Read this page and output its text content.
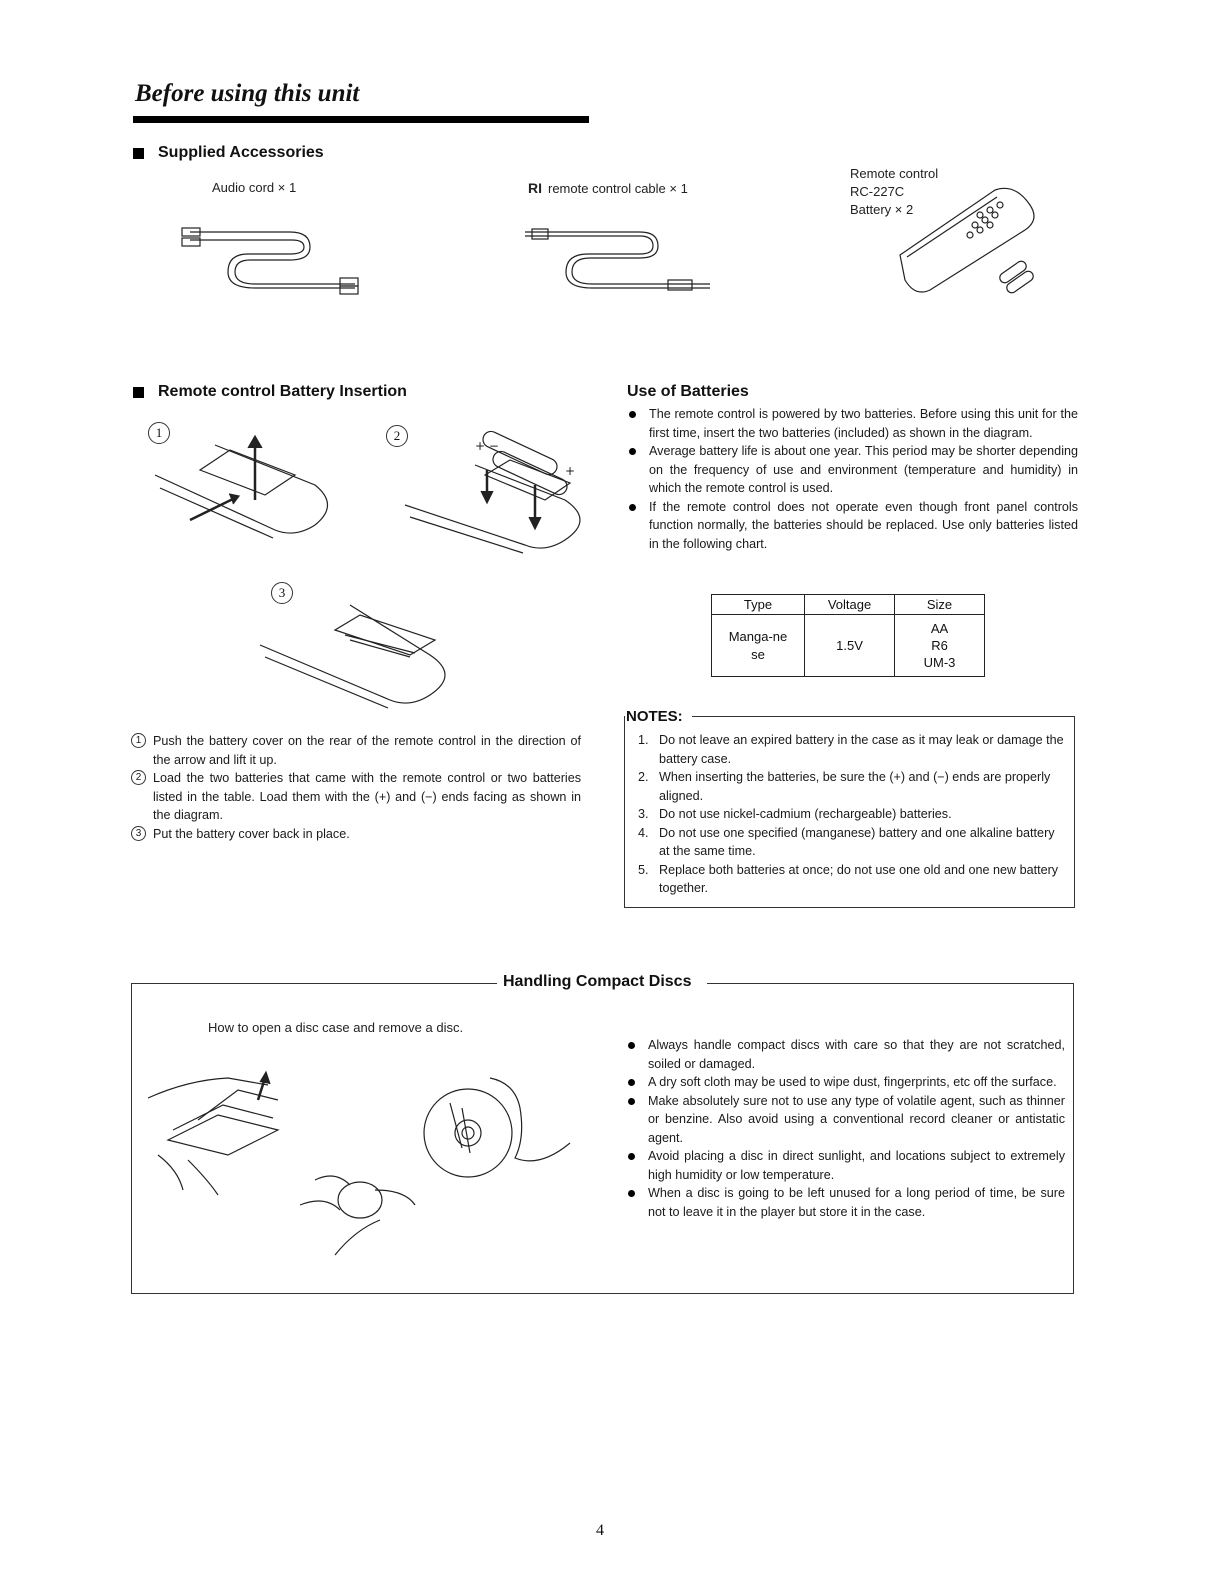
Before using this unit
Supplied Accessories
Audio cord × 1	RI remote control cable × 1
Remote control
RC-227C
Battery × 2
Remote control Battery Insertion
1	2
3
+ −
+
1 Push the battery cover on the rear of the remote control in the direction of the arrow and lift it up.
2 Load the two batteries that came with the remote control or two batteries listed in the table. Load them with the (+) and (−) ends facing as shown in the diagram.
3 Put the battery cover back in place.
Use of Batteries
The remote control is powered by two batteries. Before using this unit for the first time, insert the two batteries (included) as shown in the diagram.
Average battery life is about one year. This period may be shorter depending on the frequency of use and environment (temperature and humidity) in which the remote control is used.
If the remote control does not operate even though front panel controls function normally, the batteries should be replaced. Use only batteries listed in the following chart.
Type	Voltage	Size
Manga-nese	1.5V	AA
R6
UM-3
NOTES:
1. Do not leave an expired battery in the case as it may leak or damage the battery case.
2. When inserting the batteries, be sure the (+) and (−) ends are properly aligned.
3. Do not use nickel-cadmium (rechargeable) batteries.
4. Do not use one specified (manganese) battery and one alkaline battery at the same time.
5. Replace both batteries at once; do not use one old and one new battery together.
Handling Compact Discs
How to open a disc case and remove a disc.
Always handle compact discs with care so that they are not scratched, soiled or damaged.
A dry soft cloth may be used to wipe dust, fingerprints, etc off the surface.
Make absolutely sure not to use any type of volatile agent, such as thinner or benzine. Also avoid using a conventional record cleaner or antistatic agent.
Avoid placing a disc in direct sunlight, and locations subject to extremely high humidity or low temperature.
When a disc is going to be left unused for a long period of time, be sure not to leave it in the player but store it in the case.
4
